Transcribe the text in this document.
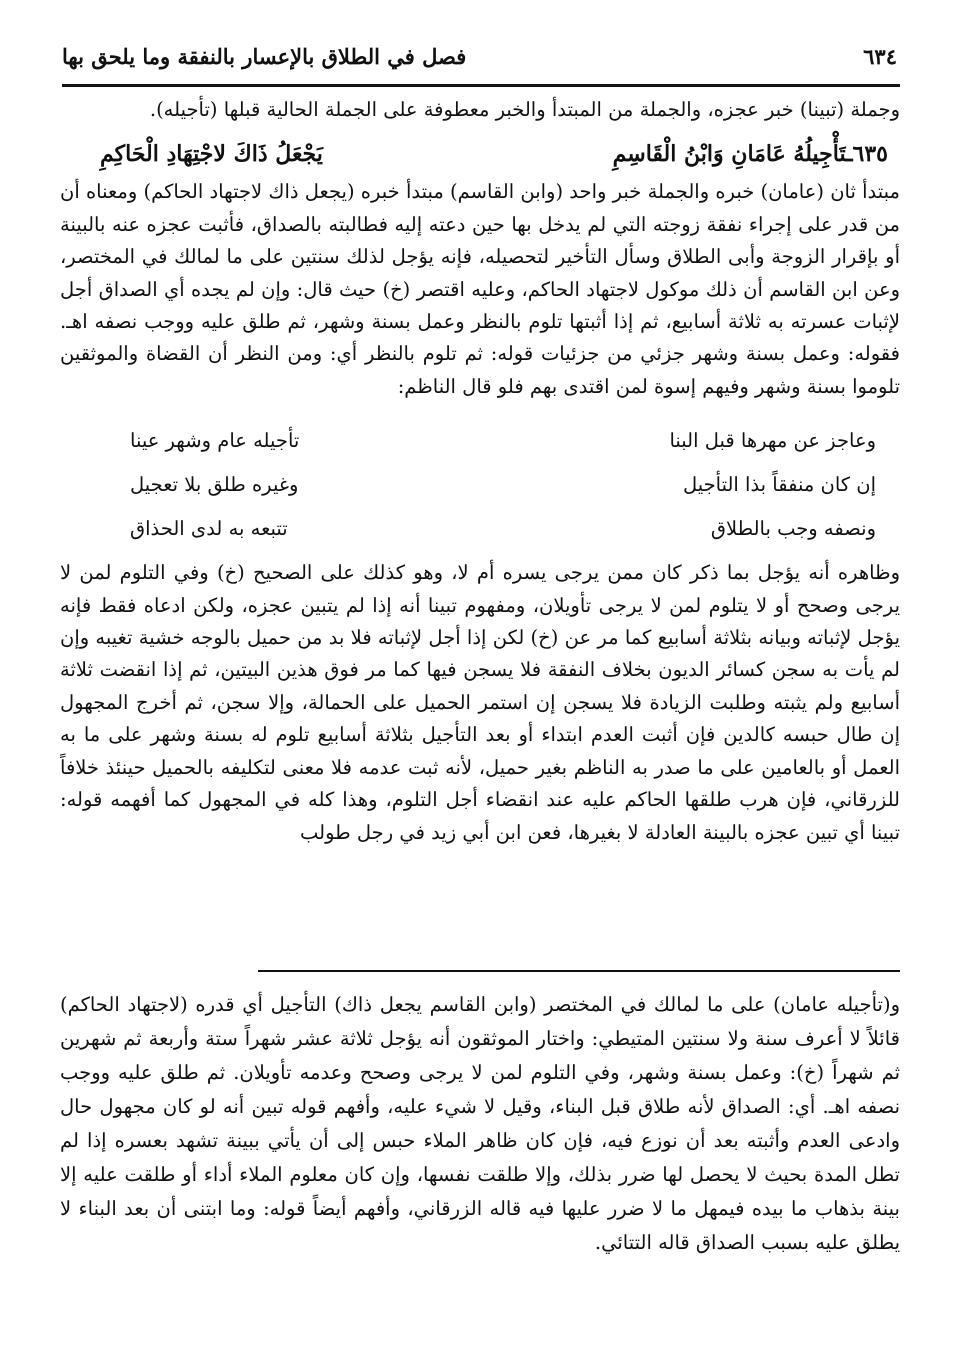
٦٣٤
فصل في الطلاق بالإعسار بالنفقة وما يلحق بها

وجملة (تبينا) خبر عجزه، والجملة من المبتدأ والخبر معطوفة على الجملة الحالية قبلها (تأجيله).

٦٣٥ـتَأْجِيلُهُ عَامَانِ وَابْنُ الْقَاسِمِ
يَجْعَلُ ذَاكَ لاجْتِهَادِ الْحَاكِمِ

مبتدأ ثان (عامان) خبره والجملة خبر واحد (وابن القاسم) مبتدأ خبره (يجعل ذاك لاجتهاد الحاكم) ومعناه أن من قدر على إجراء نفقة زوجته التي لم يدخل بها حين دعته إليه فطالبته بالصداق، فأثبت عجزه عنه بالبينة أو بإقرار الزوجة وأبى الطلاق وسأل التأخير لتحصيله، فإنه يؤجل لذلك سنتين على ما لمالك في المختصر، وعن ابن القاسم أن ذلك موكول لاجتهاد الحاكم، وعليه اقتصر (خ) حيث قال: وإن لم يجده أي الصداق أجل لإثبات عسرته به ثلاثة أسابيع، ثم إذا أثبتها تلوم بالنظر وعمل بسنة وشهر، ثم طلق عليه ووجب نصفه اهـ. فقوله: وعمل بسنة وشهر جزئي من جزئيات قوله: ثم تلوم بالنظر أي: ومن النظر أن القضاة والموثقين تلوموا بسنة وشهر وفيهم إسوة لمن اقتدى بهم فلو قال الناظم:

وعاجز عن مهرها قبل البنا
تأجيله عام وشهر عينا
إن كان منفقاً بذا التأجيل
وغيره طلق بلا تعجيل
ونصفه وجب بالطلاق
تتبعه به لدى الحذاق

وظاهره أنه يؤجل بما ذكر كان ممن يرجى يسره أم لا، وهو كذلك على الصحيح (خ) وفي التلوم لمن لا يرجى وصحح أو لا يتلوم لمن لا يرجى تأويلان، ومفهوم تبينا أنه إذا لم يتبين عجزه، ولكن ادعاه فقط فإنه يؤجل لإثباته وبيانه بثلاثة أسابيع كما مر عن (خ) لكن إذا أجل لإثباته فلا بد من حميل بالوجه خشية تغيبه وإن لم يأت به سجن كسائر الديون بخلاف النفقة فلا يسجن فيها كما مر فوق هذين البيتين، ثم إذا انقضت ثلاثة أسابيع ولم يثبته وطلبت الزيادة فلا يسجن إن استمر الحميل على الحمالة، وإلا سجن، ثم أخرج المجهول إن طال حبسه كالدين فإن أثبت العدم ابتداء أو بعد التأجيل بثلاثة أسابيع تلوم له بسنة وشهر على ما به العمل أو بالعامين على ما صدر به الناظم بغير حميل، لأنه ثبت عدمه فلا معنى لتكليفه بالحميل حينئذ خلافاً للزرقاني، فإن هرب طلقها الحاكم عليه عند انقضاء أجل التلوم، وهذا كله في المجهول كما أفهمه قوله: تبينا أي تبين عجزه بالبينة العادلة لا بغيرها، فعن ابن أبي زيد في رجل طولب

و(تأجيله عامان) على ما لمالك في المختصر (وابن القاسم يجعل ذاك) التأجيل أي قدره (لاجتهاد الحاكم) قائلاً لا أعرف سنة ولا سنتين المتيطي: واختار الموثقون أنه يؤجل ثلاثة عشر شهراً ستة وأربعة ثم شهرين ثم شهراً (خ): وعمل بسنة وشهر، وفي التلوم لمن لا يرجى وصحح وعدمه تأويلان. ثم طلق عليه ووجب نصفه اهـ. أي: الصداق لأنه طلاق قبل البناء، وقيل لا شيء عليه، وأفهم قوله تبين أنه لو كان مجهول حال وادعى العدم وأثبته بعد أن نوزع فيه، فإن كان ظاهر الملاء حبس إلى أن يأتي ببينة تشهد بعسره إذا لم تطل المدة بحيث لا يحصل لها ضرر بذلك، وإلا طلقت نفسها، وإن كان معلوم الملاء أداء أو طلقت عليه إلا بينة بذهاب ما بيده فيمهل ما لا ضرر عليها فيه قاله الزرقاني، وأفهم أيضاً قوله: وما ابتنى أن بعد البناء لا يطلق عليه بسبب الصداق قاله التتائي.
